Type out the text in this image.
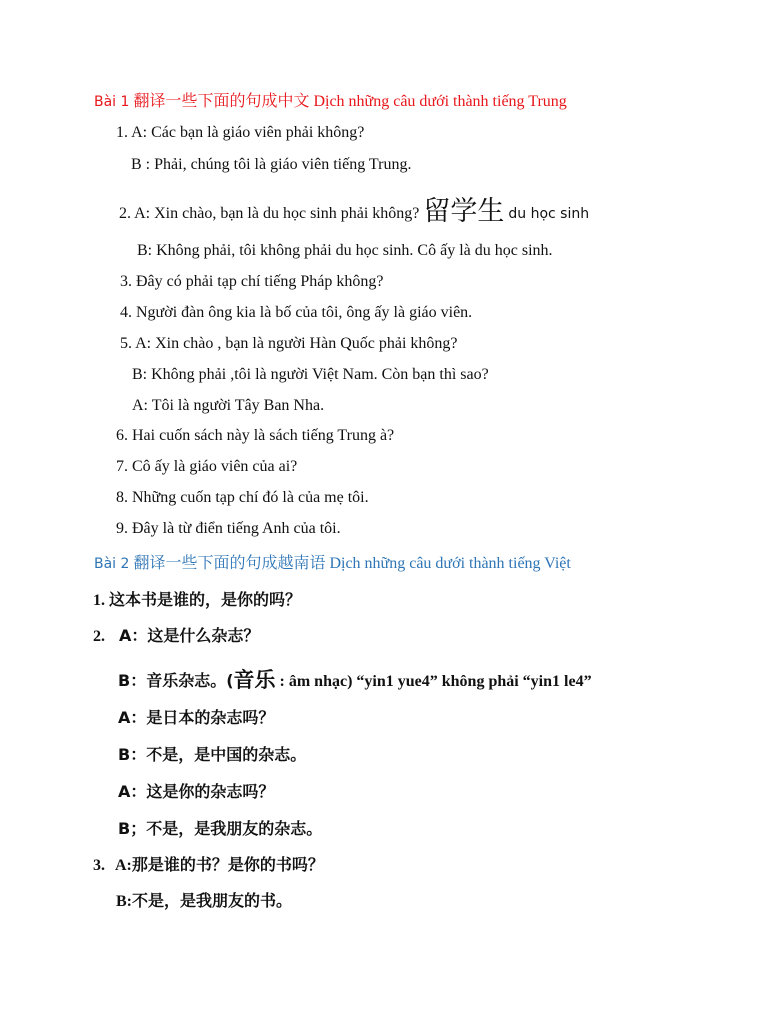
Bài 1 翻译一些下面的句成中文 Dịch những câu dưới thành tiếng Trung
1. A: Các bạn là giáo viên phải không?
B : Phải, chúng tôi là giáo viên tiếng Trung.
2. A: Xin chào, bạn là du học sinh phải không? 留学生 du học sinh
B: Không phải, tôi không phải du học sinh. Cô ấy là du học sinh.
3. Đây có phải tạp chí tiếng Pháp không?
4. Người đàn ông kia là bố của tôi, ông ấy là giáo viên.
5. A: Xin chào , bạn là người Hàn Quốc phải không?
B: Không phải ,tôi là người Việt Nam. Còn bạn thì sao?
A: Tôi là người Tây Ban Nha.
6. Hai cuốn sách này là sách tiếng Trung à?
7. Cô ấy là giáo viên của ai?
8. Những cuốn tạp chí đó là của mẹ tôi.
9. Đây là từ điển tiếng Anh của tôi.
Bài 2 翻译一些下面的句成越南语 Dịch những câu dưới thành tiếng Việt
1. 这本书是谁的，是你的吗？
2. A：这是什么杂志？
B：音乐杂志。(音乐 : âm nhạc) “yin1 yue4” không phải “yin1 le4”
A：是日本的杂志吗？
B：不是，是中国的杂志。
A：这是你的杂志吗？
B；不是，是我朋友的杂志。
3. A:那是谁的书？是你的书吗？
B:不是，是我朋友的书。
